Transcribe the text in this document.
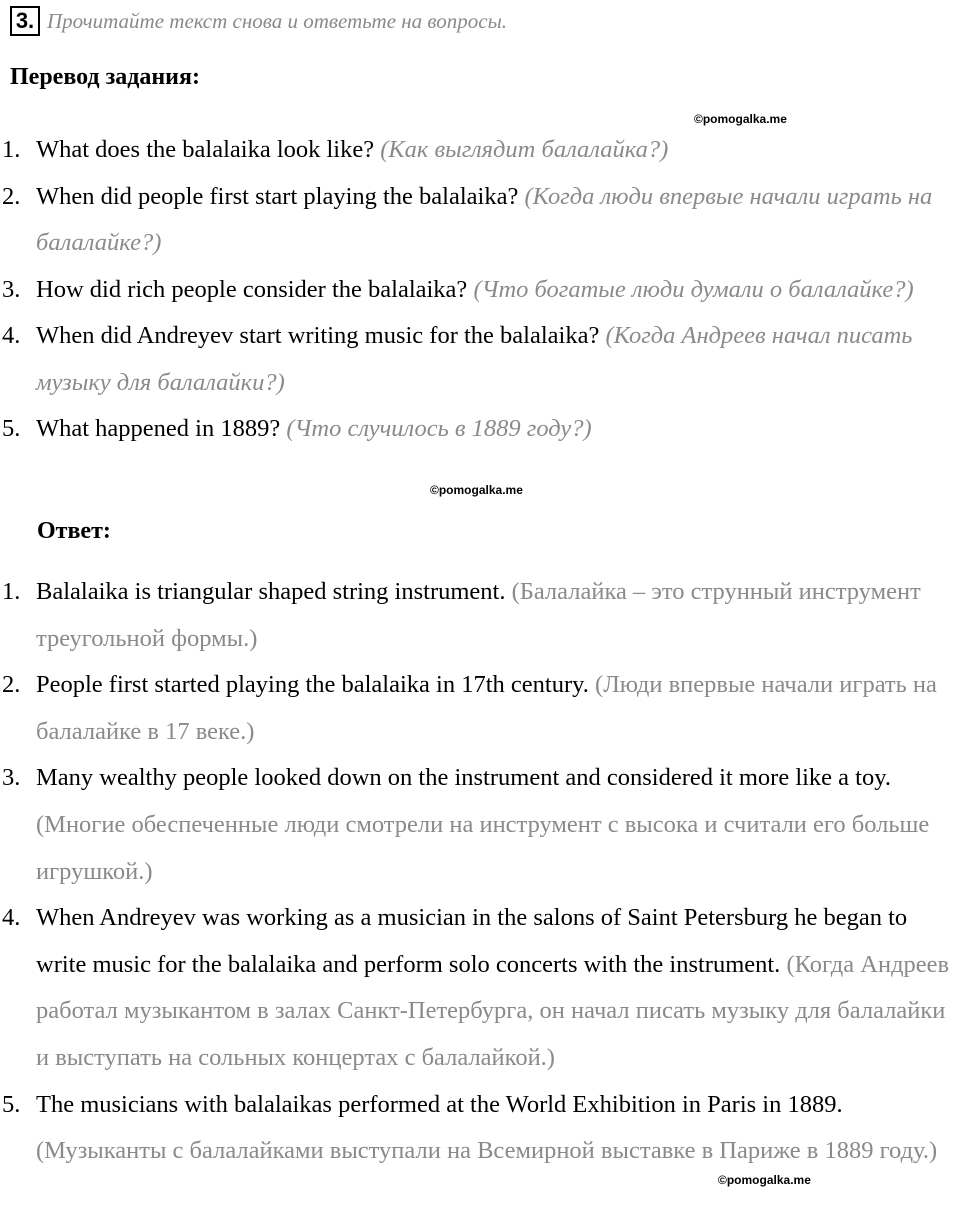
3. Прочитайте текст снова и ответьте на вопросы.
Перевод задания:
©pomogalka.me
1. What does the balalaika look like? (Как выглядит балалайка?)
2. When did people first start playing the balalaika? (Когда люди впервые начали играть на балалайке?)
3. How did rich people consider the balalaika? (Что богатые люди думали о балалайке?)
4. When did Andreyev start writing music for the balalaika? (Когда Андреев начал писать музыку для балалайки?)
5. What happened in 1889? (Что случилось в 1889 году?)
©pomogalka.me
Ответ:
1. Balalaika is triangular shaped string instrument. (Балалайка – это струнный инструмент треугольной формы.)
2. People first started playing the balalaika in 17th century. (Люди впервые начали играть на балалайке в 17 веке.)
3. Many wealthy people looked down on the instrument and considered it more like a toy. (Многие обеспеченные люди смотрели на инструмент с высока и считали его больше игрушкой.)
4. When Andreyev was working as a musician in the salons of Saint Petersburg he began to write music for the balalaika and perform solo concerts with the instrument. (Когда Андреев работал музыкантом в залах Санкт-Петербурга, он начал писать музыку для балалайки и выступать на сольных концертах с балалайкой.)
5. The musicians with balalaikas performed at the World Exhibition in Paris in 1889. (Музыканты с балалайками выступали на Всемирной выставке в Париже в 1889 году.)
©pomogalka.me
